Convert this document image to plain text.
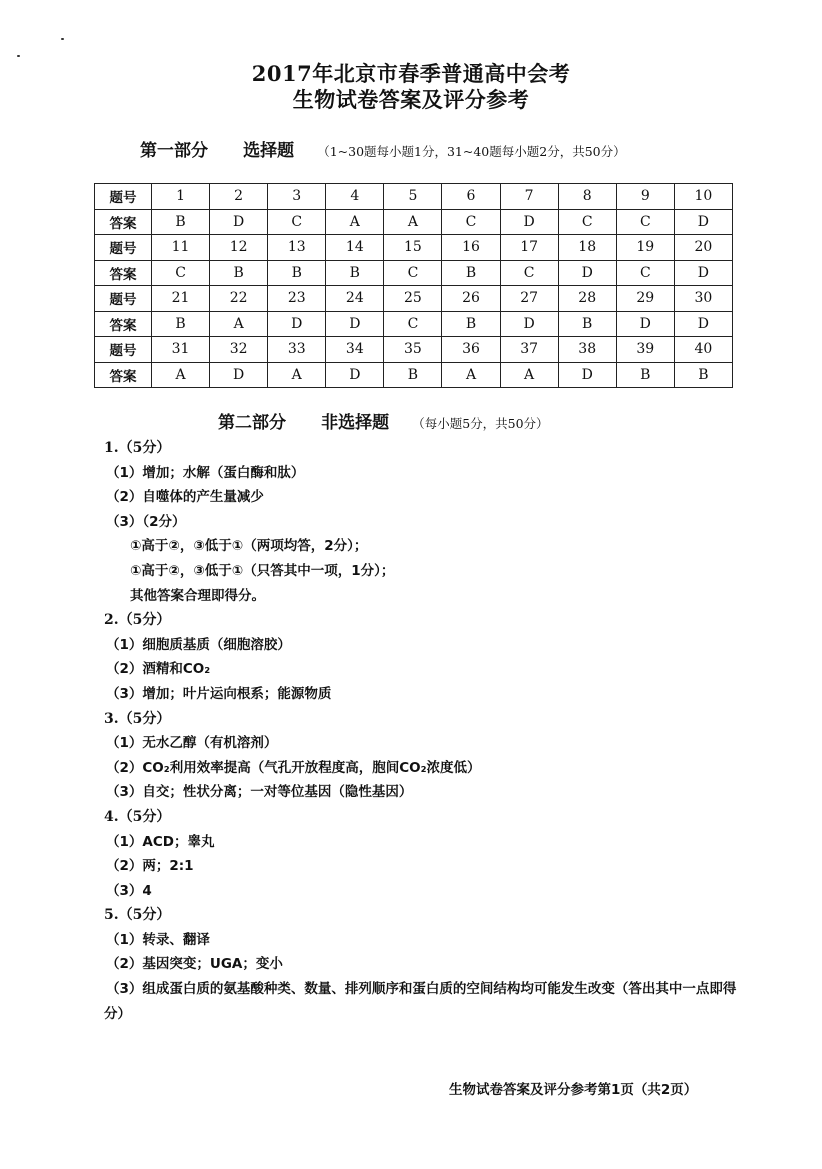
2017年北京市春季普通高中会考
生物试卷答案及评分参考
第一部分 选择题 （1~30题每小题1分，31~40题每小题2分，共50分）
题号	1	2	3	4	5	6	7	8	9	10
答案	B	D	C	A	A	C	D	C	C	D
题号	11	12	13	14	15	16	17	18	19	20
答案	C	B	B	B	C	B	C	D	C	D
题号	21	22	23	24	25	26	27	28	29	30
答案	B	A	D	D	C	B	D	B	D	D
题号	31	32	33	34	35	36	37	38	39	40
答案	A	D	A	D	B	A	A	D	B	B
第二部分 非选择题 （每小题5分，共50分）
1.（5分）
（1）增加；水解（蛋白酶和肽）
（2）自噬体的产生量减少
（3）（2分）
①高于②，③低于①（两项均答，2分）；
①高于②，③低于①（只答其中一项，1分）；
其他答案合理即得分。
2.（5分）
（1）细胞质基质（细胞溶胶）
（2）酒精和CO₂
（3）增加；叶片运向根系；能源物质
3.（5分）
（1）无水乙醇（有机溶剂）
（2）CO₂利用效率提高（气孔开放程度高，胞间CO₂浓度低）
（3）自交；性状分离；一对等位基因（隐性基因）
4.（5分）
（1）ACD；睾丸
（2）两；2:1
（3）4
5.（5分）
（1）转录、翻译
（2）基因突变；UGA；变小
（3）组成蛋白质的氨基酸种类、数量、排列顺序和蛋白质的空间结构均可能发生改变（答出其中一点即得分）
生物试卷答案及评分参考第1页（共2页）
